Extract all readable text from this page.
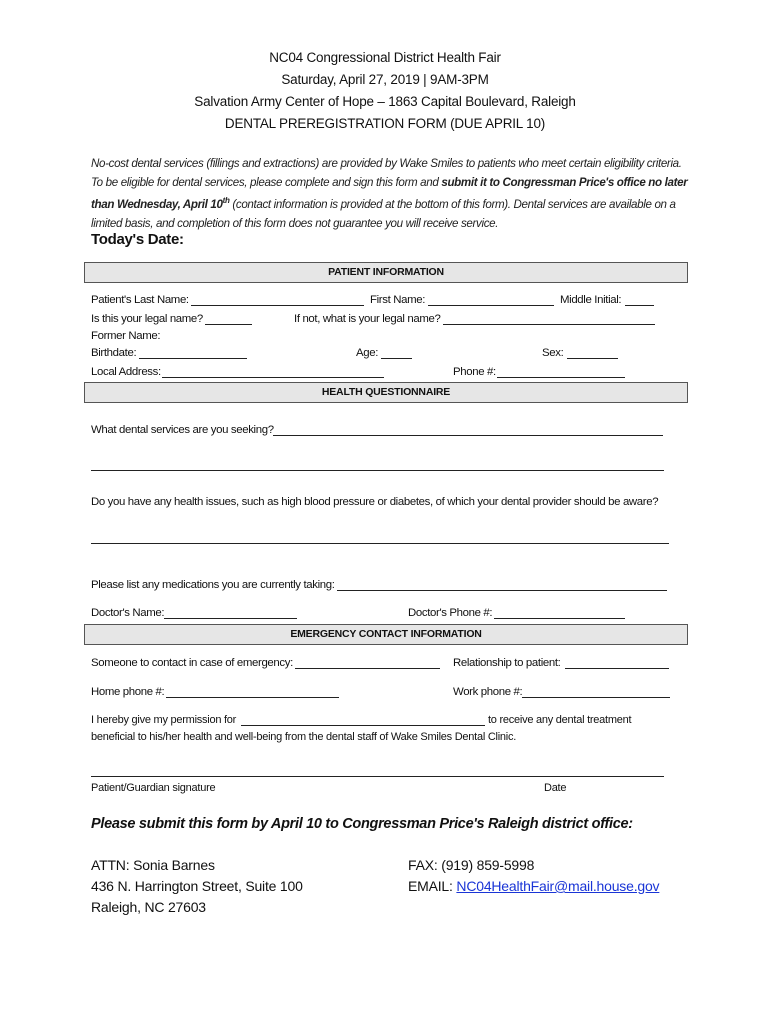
NC04 Congressional District Health Fair
Saturday, April 27, 2019 | 9AM-3PM
Salvation Army Center of Hope – 1863 Capital Boulevard, Raleigh
DENTAL PREREGISTRATION FORM (DUE APRIL 10)
No-cost dental services (fillings and extractions) are provided by Wake Smiles to patients who meet certain eligibility criteria. To be eligible for dental services, please complete and sign this form and submit it to Congressman Price's office no later than Wednesday, April 10th (contact information is provided at the bottom of this form). Dental services are available on a limited basis, and completion of this form does not guarantee you will receive service.
Today's Date:
PATIENT INFORMATION
Patient's Last Name:	First Name:	Middle Initial:
Is this your legal name?	If not, what is your legal name?
Former Name:
Birthdate:	Age:	Sex:
Local Address:	Phone #:
HEALTH QUESTIONNAIRE
What dental services are you seeking?
Do you have any health issues, such as high blood pressure or diabetes, of which your dental provider should be aware?
Please list any medications you are currently taking:
Doctor's Name:	Doctor's Phone #:
EMERGENCY CONTACT INFORMATION
Someone to contact in case of emergency:	Relationship to patient:
Home phone #:	Work phone #:
I hereby give my permission for	to receive any dental treatment
beneficial to his/her health and well-being from the dental staff of Wake Smiles Dental Clinic.
Patient/Guardian signature	Date
Please submit this form by April 10 to Congressman Price's Raleigh district office:
ATTN: Sonia Barnes
436 N. Harrington Street, Suite 100
Raleigh, NC 27603
FAX: (919) 859-5998
EMAIL: NC04HealthFair@mail.house.gov
